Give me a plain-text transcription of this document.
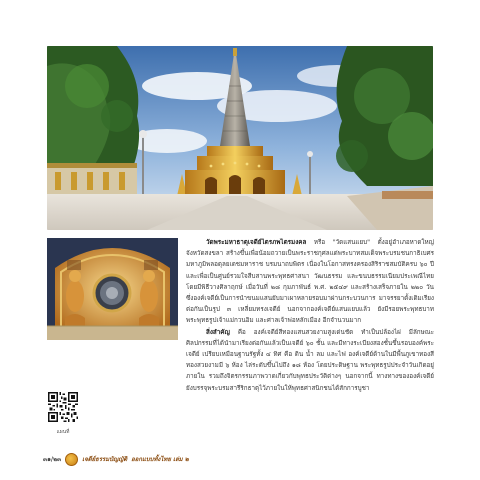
วัดพระมหาธาตุเจดีย์ไตรภพไตรมงคล หรือ "วัดแสนแยบ" ตั้งอยู่อำเภอหาดใหญ่ จังหวัดสงขลา สร้างขึ้นเพื่อน้อมถวายเป็นพระราชกุศลแด่พระบาทสมเด็จพระบรมชนกาธิเบศร มหาภูมิพลอดุลยเดชมหาราช บรมนาถบพิตร เนื่องในโอกาสทรงครองสิริราชสมบัติครบ ๖๐ ปี และเพื่อเป็นศูนย์รวมใจสืบสานพระพุทธศาสนา วัฒนธรรม และขนบธรรมเนียมประเพณีไทย โดยมีพิธีวางศิลาฤกษ์ เมื่อวันที่ ๒๘ กุมภาพันธ์ พ.ศ. ๒๕๔๙ และสร้างเสร็จภายใน ๒๒๐ วัน ซึ่งองค์เจดีย์เป็นการนำขนมแสนยับมาเผาหลายรอบมาผ่านกระบวนการ มาจรรยาดั้งเดิมเรียงต่อกันเป็นรูป ๓ เหลี่ยมทรงเจดีย์ นอกจากองค์เจดีย์แสนแยบแล้ว ยังมีรอยพระพุทธบาท พระพุทธรูปเจ้าแม่กวนอิม และศาลเจ้าพ่อหลักเมือง อีกจำนวนมาก

สิ่งสำคัญ คือ องค์เจดีย์สีทองแสนสวยงามสูงเด่นชัด ทำเป็นปล้องไผ่ มีลักษณะศิลปกรรมที่ได้นำมาเรียงต่อกันแล้วเป็นเจดีย์ ๖๐ ชั้น และมีทางระเบียงสองชั้นขึ้นรอบองค์พระเจดีย์ เปรียบเหมือนฐานรัฐทั้ง ๔ ทิศ คือ ดิน น้ำ ลม และไฟ องค์เจดีย์ด้านในมีพื้นภูเขาทองสีทองสวยงามมี ๖ ห้อง ไล่ระดับขึ้นไปถึง ๑๘ ห้อง โดยประดิษฐาน พระพุทธรูปประจำวันเกิดอยู่ภายใน รวมถึงจิตรกรรมภาพวาดเกี่ยวกับพุทธประวัติต่างๆ นอกจากนี้ ทางทางขององค์เจดีย์ยังบรรจุพระบรมสารีริกธาตุไว้ภายในให้พุทธศาสนิกชนได้สักการบูชา

แผนที่
๓๑/๒๓	เจดีย์ธรรมบัญญัติ ออกแบบทั้งไทย เล่ม ๒
